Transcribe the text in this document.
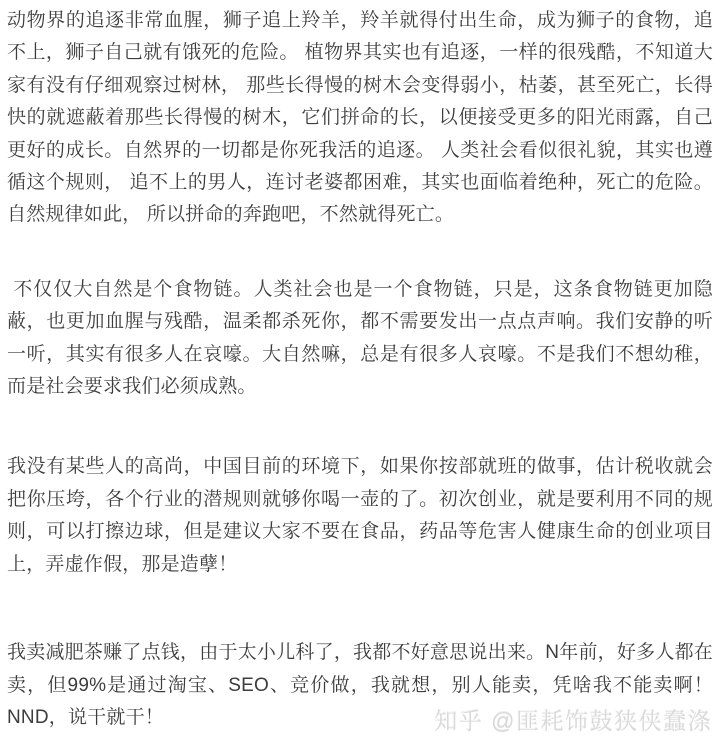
动物界的追逐非常血腥，狮子追上羚羊，羚羊就得付出生命，成为狮子的食物，追不上，狮子自己就有饿死的危险。 植物界其实也有追逐，一样的很残酷，不知道大家有没有仔细观察过树林， 那些长得慢的树木会变得弱小，枯萎，甚至死亡，长得快的就遮蔽着那些长得慢的树木，它们拼命的长，以便接受更多的阳光雨露，自己更好的成长。自然界的一切都是你死我活的追逐。 人类社会看似很礼貌，其实也遵循这个规则， 追不上的男人，连讨老婆都困难，其实也面临着绝种，死亡的危险。 自然规律如此， 所以拼命的奔跑吧，不然就得死亡。

不仅仅大自然是个食物链。人类社会也是一个食物链，只是，这条食物链更加隐蔽，也更加血腥与残酷，温柔都杀死你，都不需要发出一点点声响。我们安静的听一听，其实有很多人在哀嚎。大自然嘛，总是有很多人哀嚎。不是我们不想幼稚，而是社会要求我们必须成熟。

我没有某些人的高尚，中国目前的环境下，如果你按部就班的做事，估计税收就会把你压垮，各个行业的潜规则就够你喝一壶的了。初次创业，就是要利用不同的规则，可以打擦边球，但是建议大家不要在食品，药品等危害人健康生命的创业项目上，弄虚作假，那是造孽！

我卖减肥茶赚了点钱，由于太小儿科了，我都不好意思说出来。N年前，好多人都在卖，但99%是通过淘宝、SEO、竞价做，我就想，别人能卖，凭啥我不能卖啊！NND，说干就干！	知乎 @匪耗饰鼓狭侠蠢涤
